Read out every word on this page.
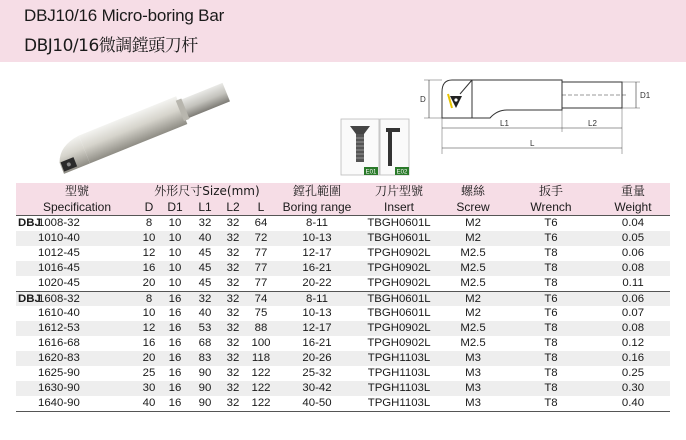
DBJ10/16 Micro-boring Bar
DBJ10/16微調鏜頭刀杆
E01	E02
D	D1
L1	L2
L
型號	外形尺寸Size(mm)					鏜孔範圍	刀片型號	螺絲	扳手	重量
Specification	D	D1	L1	L2	L	Boring range	Insert	Screw	Wrench	Weight
DBJ1008-32	8	10	32	32	64	8-11	TBGH0601L	M2	T6	0.04
1010-40	10	10	40	32	72	10-13	TBGH0601L	M2	T6	0.05
1012-45	12	10	45	32	77	12-17	TPGH0902L	M2.5	T8	0.06
1016-45	16	10	45	32	77	16-21	TPGH0902L	M2.5	T8	0.08
1020-45	20	10	45	32	77	20-22	TPGH0902L	M2.5	T8	0.11
DBJ1608-32	8	16	32	32	74	8-11	TBGH0601L	M2	T6	0.06
1610-40	10	16	40	32	75	10-13	TBGH0601L	M2	T6	0.07
1612-53	12	16	53	32	88	12-17	TPGH0902L	M2.5	T8	0.08
1616-68	16	16	68	32	100	16-21	TPGH0902L	M2.5	T8	0.12
1620-83	20	16	83	32	118	20-26	TPGH1103L	M3	T8	0.16
1625-90	25	16	90	32	122	25-32	TPGH1103L	M3	T8	0.25
1630-90	30	16	90	32	122	30-42	TPGH1103L	M3	T8	0.30
1640-90	40	16	90	32	122	40-50	TPGH1103L	M3	T8	0.40
